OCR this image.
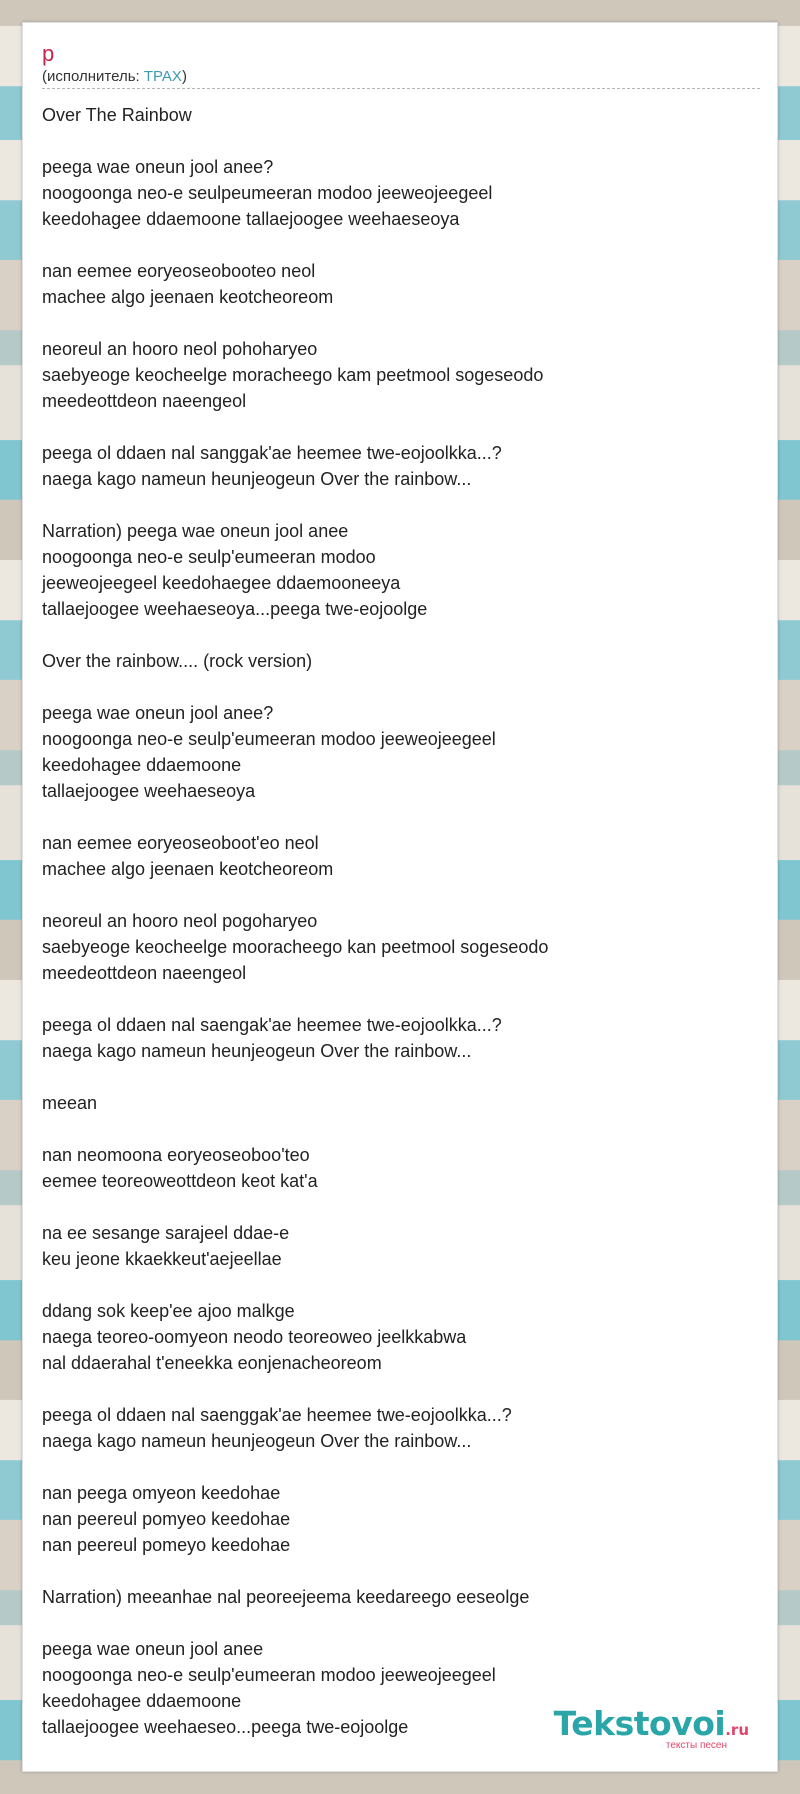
p
(исполнитель: TPAX)
Over The Rainbow
peega wae oneun jool anee?
noogoonga neo-e seulpeumeeran modoo jeeweojeegeel
keedohagee ddaemoone tallaejoogee weehaeseoya
nan eemee eoryeoseobooteo neol
machee algo jeenaen keotcheoreom
neoreul an hooro neol pohoharyeo
saebyeoge keocheelge moracheego kam peetmool sogeseodo
meedeottdeon naeengeol
peega ol ddaen nal sanggak'ae heemee twe-eojoolkka...?
naega kago nameun heunjeogeun Over the rainbow...
Narration) peega wae oneun jool anee
noogoonga neo-e seulp'eumeeran modoo
jeeweojeegeel keedohaegee ddaemooneeya
tallaejoogee weehaeseoya...peega twe-eojoolge
Over the rainbow.... (rock version)
peega wae oneun jool anee?
noogoonga neo-e seulp'eumeeran modoo jeeweojeegeel
keedohagee ddaemoone
tallaejoogee weehaeseoya
nan eemee eoryeoseoboot'eo neol
machee algo jeenaen keotcheoreom
neoreul an hooro neol pogoharyeo
saebyeoge keocheelge mooracheego kan peetmool sogeseodo
meedeottdeon naeengeol
peega ol ddaen nal saengak'ae heemee twe-eojoolkka...?
naega kago nameun heunjeogeun Over the rainbow...
meean
nan neomoona eoryeoseoboo'teo
eemee teoreoweottdeon keot kat'a
na ee sesange sarajeel ddae-e
keu jeone kkaekkeut'aejeellae
ddang sok keep'ee ajoo malkge
naega teoreo-oomyeon neodo teoreoweo jeelkkabwa
nal ddaerahal t'eneekka eonjenacheoreom
peega ol ddaen nal saenggak'ae heemee twe-eojoolkka...?
naega kago nameun heunjeogeun Over the rainbow...
nan peega omyeon keedohae
nan peereul pomyeo keedohae
nan peereul pomeyo keedohae
Narration) meeanhae nal peoreejeema keedareego eeseolge
peega wae oneun jool anee
noogoonga neo-e seulp'eumeeran modoo jeeweojeegeel
keedohagee ddaemoone
tallaejoogee weehaeseo...peega twe-eojoolge	Tekstovoi.ru
тексты песен
